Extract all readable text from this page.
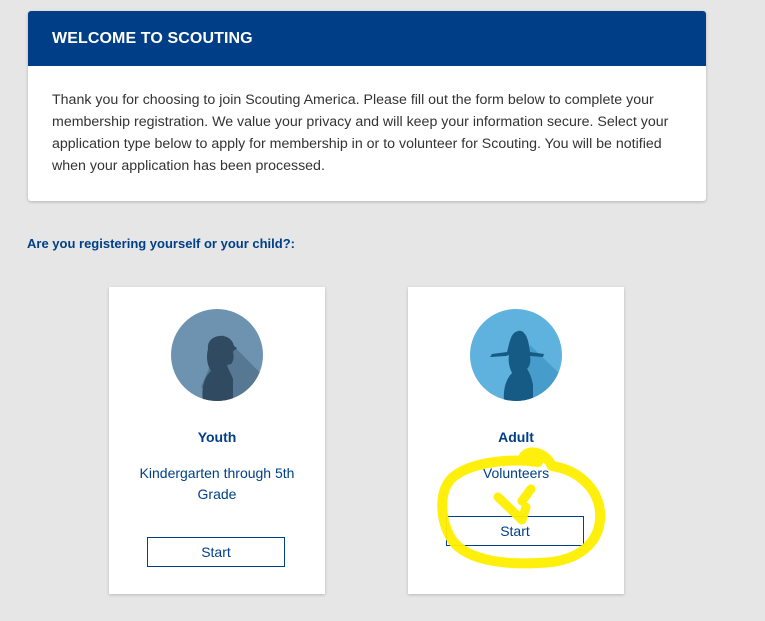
WELCOME TO SCOUTING
Thank you for choosing to join Scouting America. Please fill out the form below to complete your membership registration. We value your privacy and will keep your information secure. Select your application type below to apply for membership in or to volunteer for Scouting. You will be notified when your application has been processed.
Are you registering yourself or your child?:
Youth
Kindergarten through 5th Grade
Start
Adult
Volunteers
Start
